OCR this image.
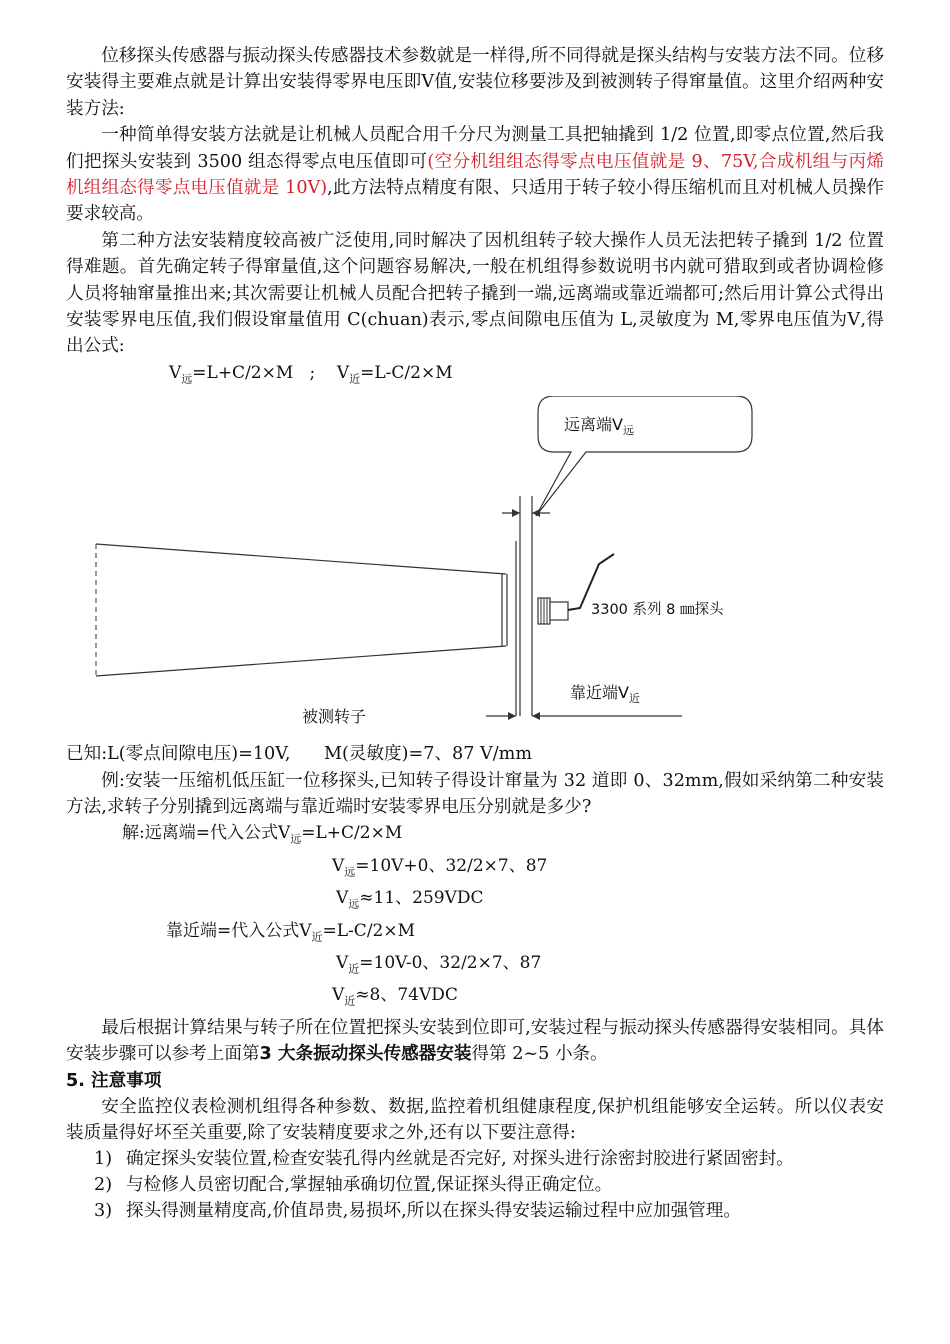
位移探头传感器与振动探头传感器技术参数就是一样得,所不同得就是探头结构与安装方法不同。位移安装得主要难点就是计算出安装得零界电压即Ⅴ值,安装位移要涉及到被测转子得窜量值。这里介绍两种安装方法:

一种简单得安装方法就是让机械人员配合用千分尺为测量工具把轴撬到 1/2 位置,即零点位置,然后我们把探头安装到 3500 组态得零点电压值即可(空分机组组态得零点电压值就是 9、75V,合成机组与丙烯机组组态得零点电压值就是 10V),此方法特点精度有限、只适用于转子较小得压缩机而且对机械人员操作要求较高。

第二种方法安装精度较高被广泛使用,同时解决了因机组转子较大操作人员无法把转子撬到 1/2 位置得难题。首先确定转子得窜量值,这个问题容易解决,一般在机组得参数说明书内就可猎取到或者协调检修人员将轴窜量推出来;其次需要让机械人员配合把转子撬到一端,远离端或靠近端都可;然后用计算公式得出安装零界电压值,我们假设窜量值用 C(chuan)表示,零点间隙电压值为 L,灵敏度为 M,零界电压值为Ⅴ,得出公式:

$Ⅴ_远=L+C/2\times M$ ; $Ⅴ_近=L-C/2\times M$
远离端$Ⅴ_远$
3300 系列 8 ㎜探头
靠近端$Ⅴ_近$
被测转子

已知:L(零点间隙电压)=10V,      M(灵敏度)=7、87 V/mm

例:安装一压缩机低压缸一位移探头,已知转子得设计窜量为 32 道即 0、32mm,假如采纳第二种安装方法,求转子分别撬到远离端与靠近端时安装零界电压分别就是多少?

解:远离端=代入公式$Ⅴ_远=L+C/2\times M$
$Ⅴ_远=10V+0$、32/2×7、87
$Ⅴ_远\approx 11$、259VDC
靠近端=代入公式$Ⅴ_近=L-C/2\times M$
$Ⅴ_近=10V-0$、32/2×7、87
$Ⅴ_近\approx 8$、74VDC

最后根据计算结果与转子所在位置把探头安装到位即可,安装过程与振动探头传感器得安装相同。具体安装步骤可以参考上面第3 大条振动探头传感器安装得第 2~5 小条。

5. 注意事项

安全监控仪表检测机组得各种参数、数据,监控着机组健康程度,保护机组能够安全运转。所以仪表安装质量得好坏至关重要,除了安装精度要求之外,还有以下要注意得:

1) 确定探头安装位置,检查安装孔得内丝就是否完好, 对探头进行涂密封胶进行紧固密封。
2) 与检修人员密切配合,掌握轴承确切位置,保证探头得正确定位。
3) 探头得测量精度高,价值昂贵,易损坏,所以在探头得安装运输过程中应加强管理。
